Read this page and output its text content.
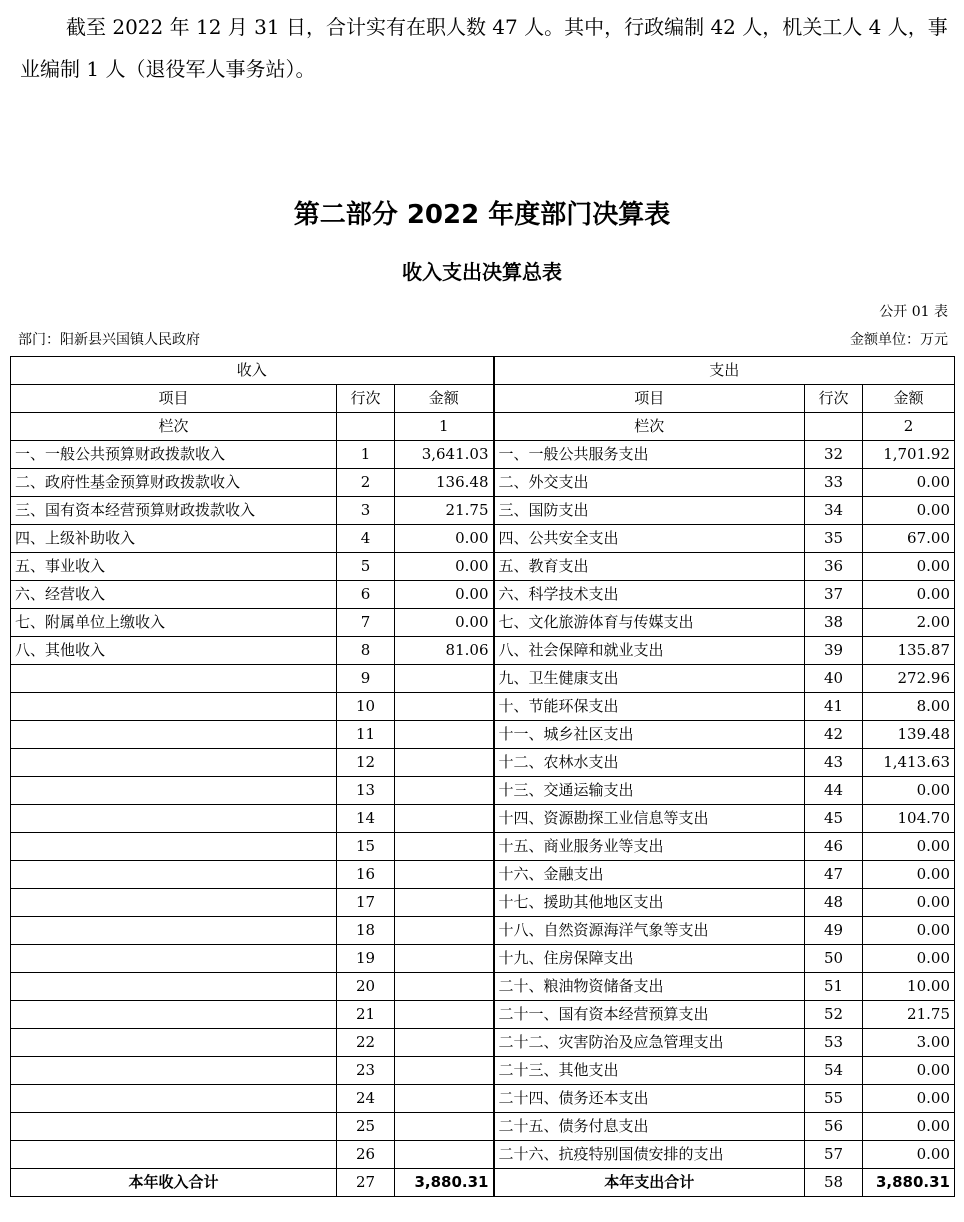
截至 2022 年 12 月 31 日，合计实有在职人数 47 人。其中，行政编制 42 人，机关工人 4 人，事业编制 1 人（退役军人事务站）。

第二部分 2022 年度部门决算表
收入支出决算总表
公开 01 表
部门：阳新县兴国镇人民政府	金额单位：万元
收入			支出		
项目	行次	金额	项目	行次	金额
栏次		1	栏次		2
一、一般公共预算财政拨款收入	1	3,641.03	一、一般公共服务支出	32	1,701.92
二、政府性基金预算财政拨款收入	2	136.48	二、外交支出	33	0.00
三、国有资本经营预算财政拨款收入	3	21.75	三、国防支出	34	0.00
四、上级补助收入	4	0.00	四、公共安全支出	35	67.00
五、事业收入	5	0.00	五、教育支出	36	0.00
六、经营收入	6	0.00	六、科学技术支出	37	0.00
七、附属单位上缴收入	7	0.00	七、文化旅游体育与传媒支出	38	2.00
八、其他收入	8	81.06	八、社会保障和就业支出	39	135.87
	9		九、卫生健康支出	40	272.96
	10		十、节能环保支出	41	8.00
	11		十一、城乡社区支出	42	139.48
	12		十二、农林水支出	43	1,413.63
	13		十三、交通运输支出	44	0.00
	14		十四、资源勘探工业信息等支出	45	104.70
	15		十五、商业服务业等支出	46	0.00
	16		十六、金融支出	47	0.00
	17		十七、援助其他地区支出	48	0.00
	18		十八、自然资源海洋气象等支出	49	0.00
	19		十九、住房保障支出	50	0.00
	20		二十、粮油物资储备支出	51	10.00
	21		二十一、国有资本经营预算支出	52	21.75
	22		二十二、灾害防治及应急管理支出	53	3.00
	23		二十三、其他支出	54	0.00
	24		二十四、债务还本支出	55	0.00
	25		二十五、债务付息支出	56	0.00
	26		二十六、抗疫特别国债安排的支出	57	0.00
本年收入合计	27	3,880.31	本年支出合计	58	3,880.31
